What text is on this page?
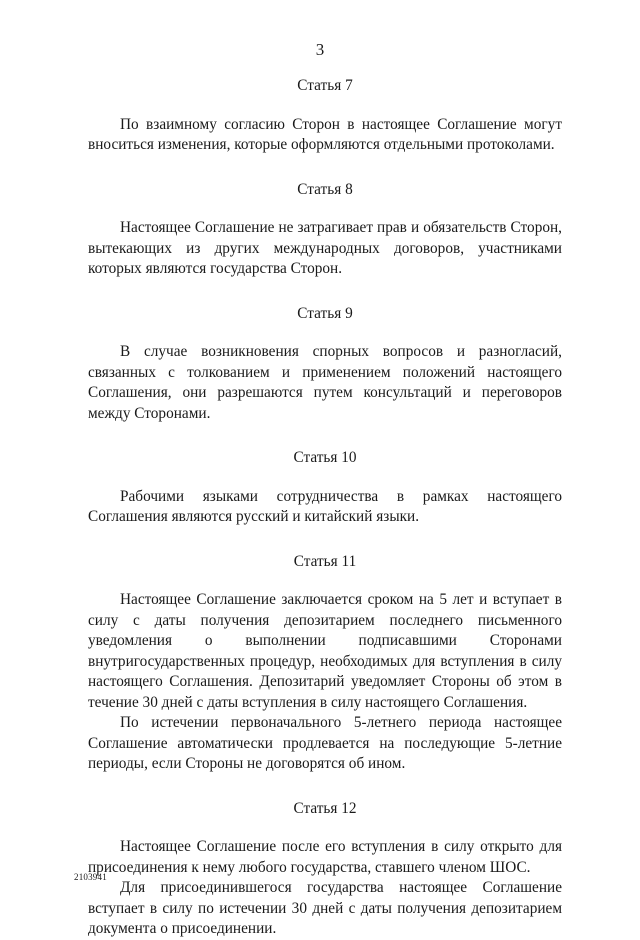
3
Статья 7

По взаимному согласию Сторон в настоящее Соглашение могут вноситься изменения, которые оформляются отдельными протоколами.

Статья 8

Настоящее Соглашение не затрагивает прав и обязательств Сторон, вытекающих из других международных договоров, участниками которых являются государства Сторон.

Статья 9

В случае возникновения спорных вопросов и разногласий, связанных с толкованием и применением положений настоящего Соглашения, они разрешаются путем консультаций и переговоров между Сторонами.

Статья 10

Рабочими языками сотрудничества в рамках настоящего Соглашения являются русский и китайский языки.

Статья 11

Настоящее Соглашение заключается сроком на 5 лет и вступает в силу с даты получения депозитарием последнего письменного уведомления о выполнении подписавшими Сторонами внутригосударственных процедур, необходимых для вступления в силу настоящего Соглашения. Депозитарий уведомляет Стороны об этом в течение 30 дней с даты вступления в силу настоящего Соглашения.

По истечении первоначального 5-летнего периода настоящее Соглашение автоматически продлевается на последующие 5-летние периоды, если Стороны не договорятся об ином.

Статья 12

Настоящее Соглашение после его вступления в силу открыто для присоединения к нему любого государства, ставшего членом ШОС.

Для присоединившегося государства настоящее Соглашение вступает в силу по истечении 30 дней с даты получения депозитарием документа о присоединении.

2103941
